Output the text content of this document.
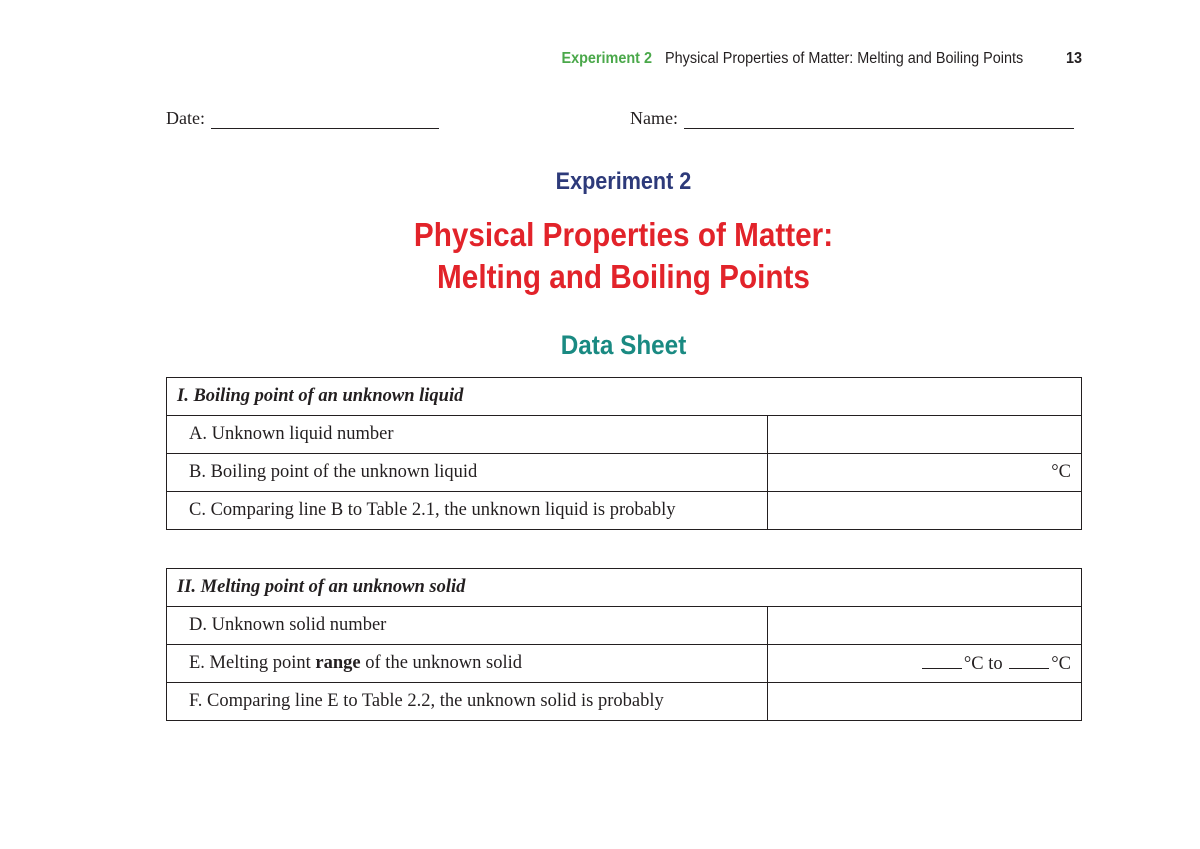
Experiment 2 Physical Properties of Matter: Melting and Boiling Points	13
Date:	Name:
Experiment 2
Physical Properties of Matter:
Melting and Boiling Points
Data Sheet
I. Boiling point of an unknown liquid	
A. Unknown liquid number	
B. Boiling point of the unknown liquid	°C
C. Comparing line B to Table 2.1, the unknown liquid is probably	
II. Melting point of an unknown solid	
D. Unknown solid number	
E. Melting point range of the unknown solid	°C to °C
F. Comparing line E to Table 2.2, the unknown solid is probably	
